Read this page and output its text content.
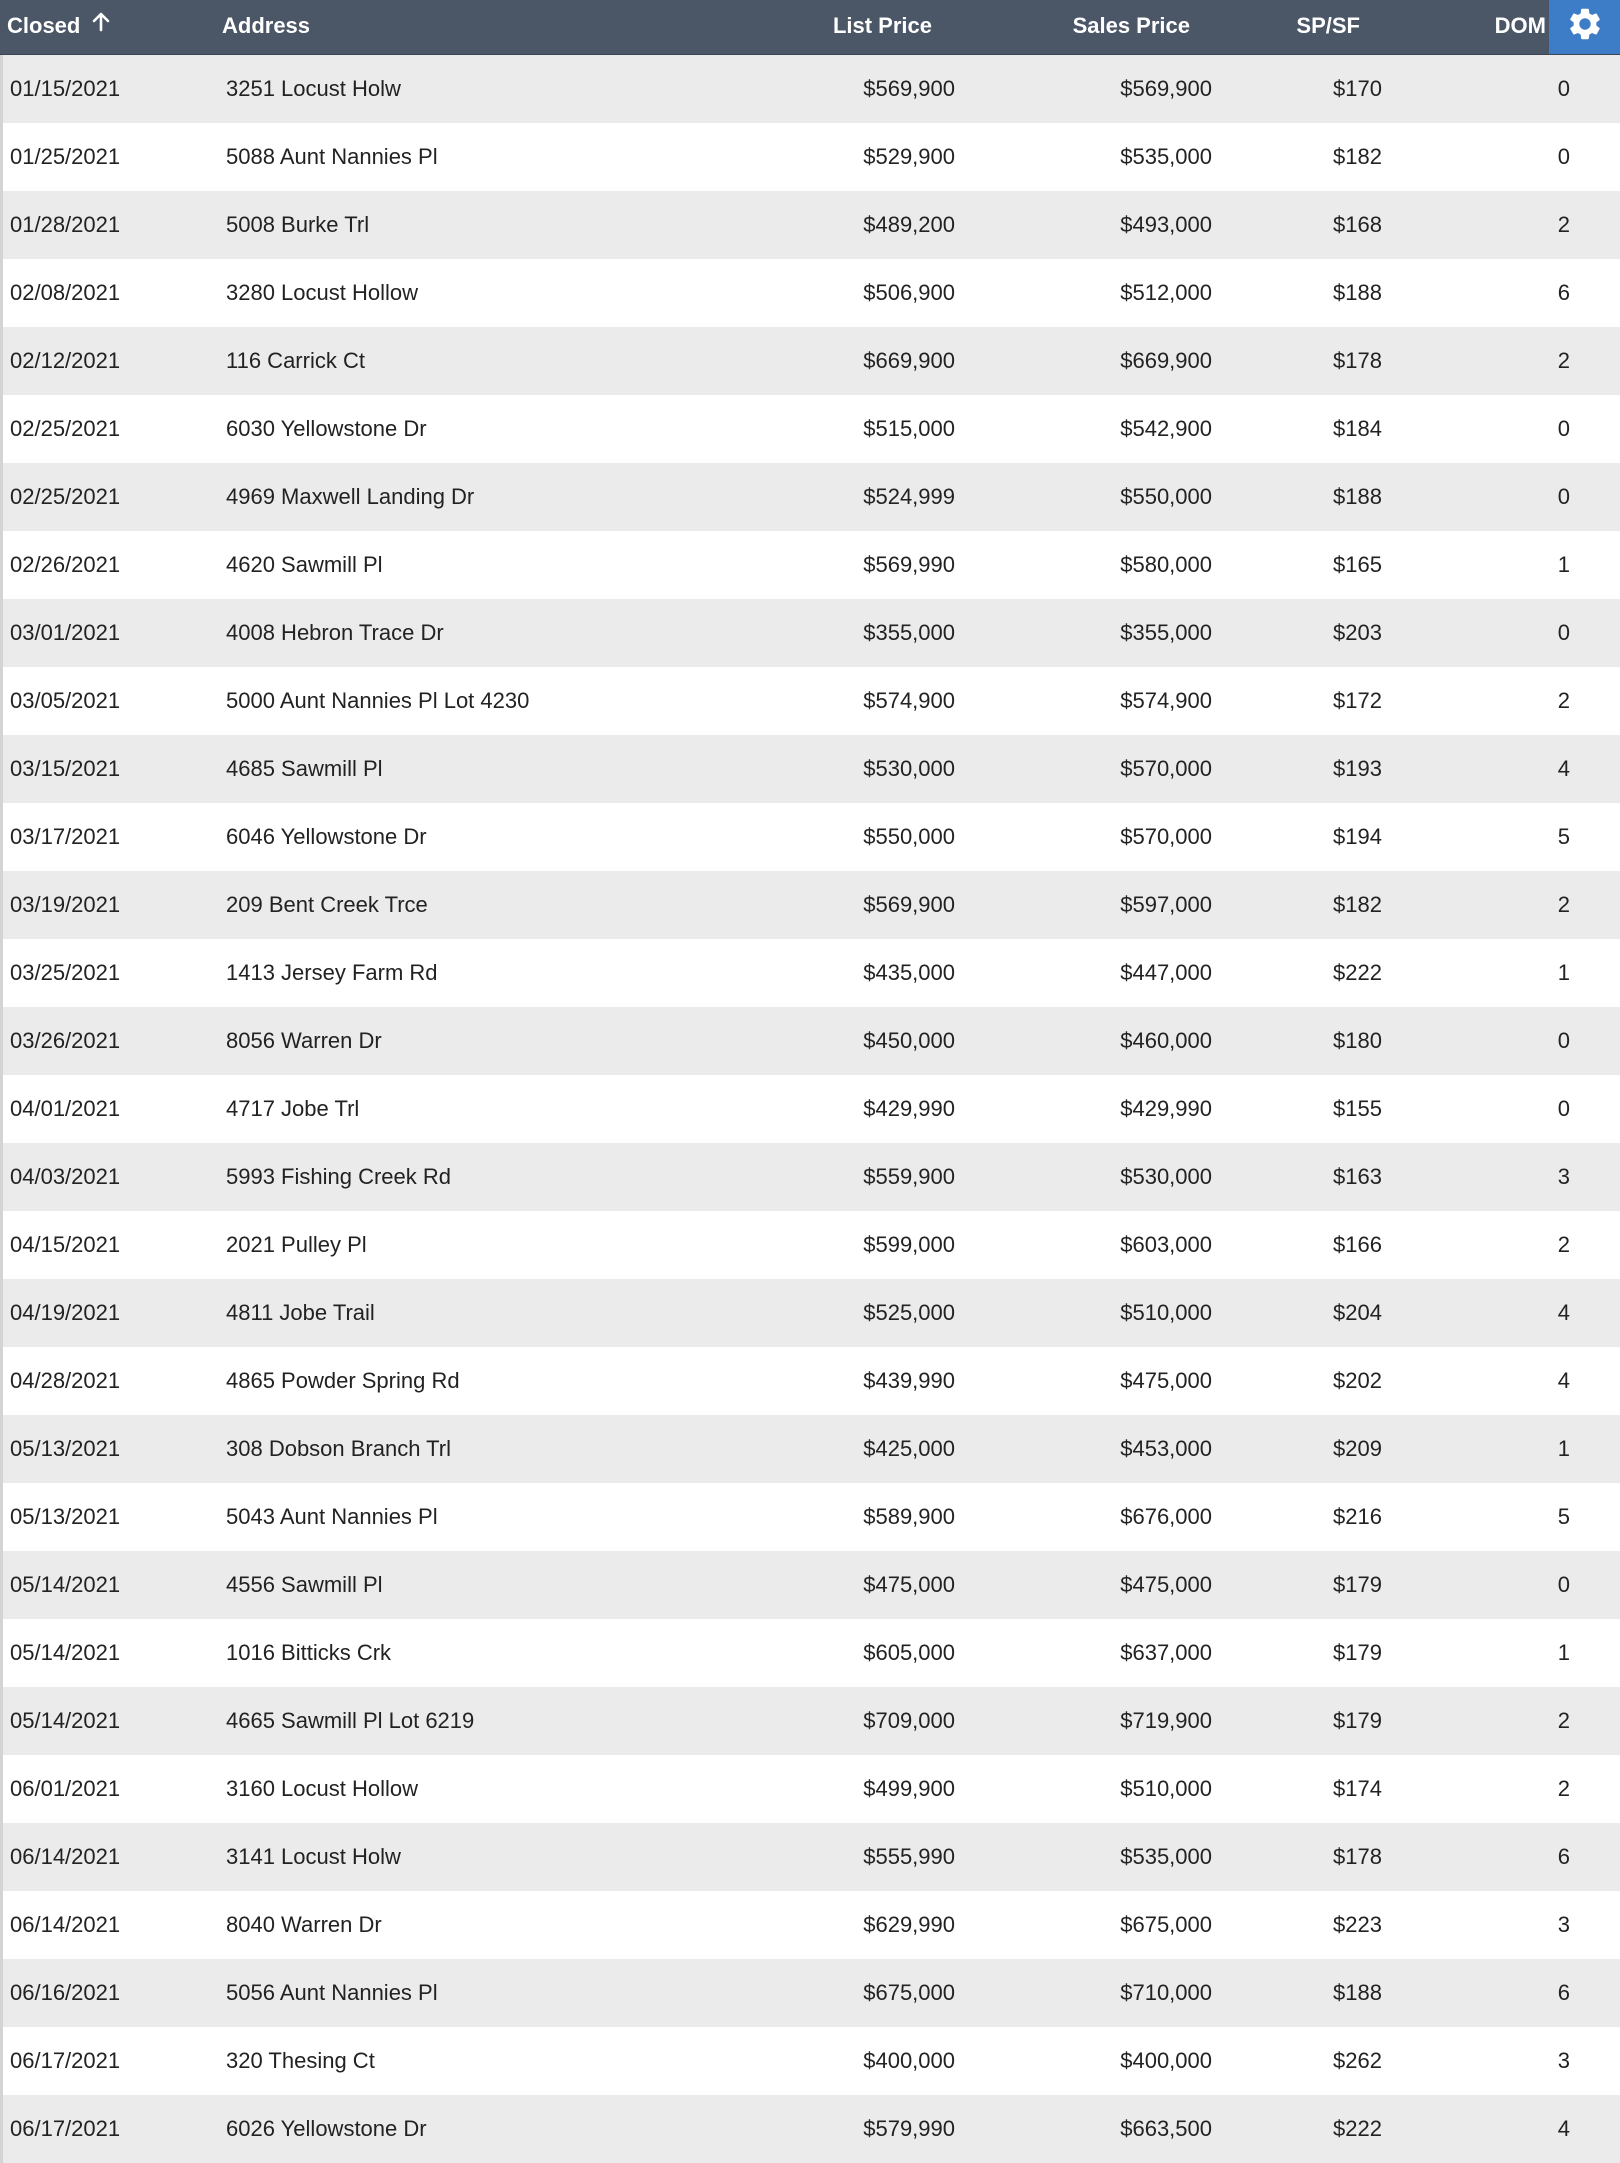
Closed	Address	List Price	Sales Price	SP/SF	DOM
01/15/2021	3251 Locust Holw	$569,900	$569,900	$170	0
01/25/2021	5088 Aunt Nannies Pl	$529,900	$535,000	$182	0
01/28/2021	5008 Burke Trl	$489,200	$493,000	$168	2
02/08/2021	3280 Locust Hollow	$506,900	$512,000	$188	6
02/12/2021	116 Carrick Ct	$669,900	$669,900	$178	2
02/25/2021	6030 Yellowstone Dr	$515,000	$542,900	$184	0
02/25/2021	4969 Maxwell Landing Dr	$524,999	$550,000	$188	0
02/26/2021	4620 Sawmill Pl	$569,990	$580,000	$165	1
03/01/2021	4008 Hebron Trace Dr	$355,000	$355,000	$203	0
03/05/2021	5000 Aunt Nannies Pl Lot 4230	$574,900	$574,900	$172	2
03/15/2021	4685 Sawmill Pl	$530,000	$570,000	$193	4
03/17/2021	6046 Yellowstone Dr	$550,000	$570,000	$194	5
03/19/2021	209 Bent Creek Trce	$569,900	$597,000	$182	2
03/25/2021	1413 Jersey Farm Rd	$435,000	$447,000	$222	1
03/26/2021	8056 Warren Dr	$450,000	$460,000	$180	0
04/01/2021	4717 Jobe Trl	$429,990	$429,990	$155	0
04/03/2021	5993 Fishing Creek Rd	$559,900	$530,000	$163	3
04/15/2021	2021 Pulley Pl	$599,000	$603,000	$166	2
04/19/2021	4811 Jobe Trail	$525,000	$510,000	$204	4
04/28/2021	4865 Powder Spring Rd	$439,990	$475,000	$202	4
05/13/2021	308 Dobson Branch Trl	$425,000	$453,000	$209	1
05/13/2021	5043 Aunt Nannies Pl	$589,900	$676,000	$216	5
05/14/2021	4556 Sawmill Pl	$475,000	$475,000	$179	0
05/14/2021	1016 Bitticks Crk	$605,000	$637,000	$179	1
05/14/2021	4665 Sawmill Pl Lot 6219	$709,000	$719,900	$179	2
06/01/2021	3160 Locust Hollow	$499,900	$510,000	$174	2
06/14/2021	3141 Locust Holw	$555,990	$535,000	$178	6
06/14/2021	8040 Warren Dr	$629,990	$675,000	$223	3
06/16/2021	5056 Aunt Nannies Pl	$675,000	$710,000	$188	6
06/17/2021	320 Thesing Ct	$400,000	$400,000	$262	3
06/17/2021	6026 Yellowstone Dr	$579,990	$663,500	$222	4
